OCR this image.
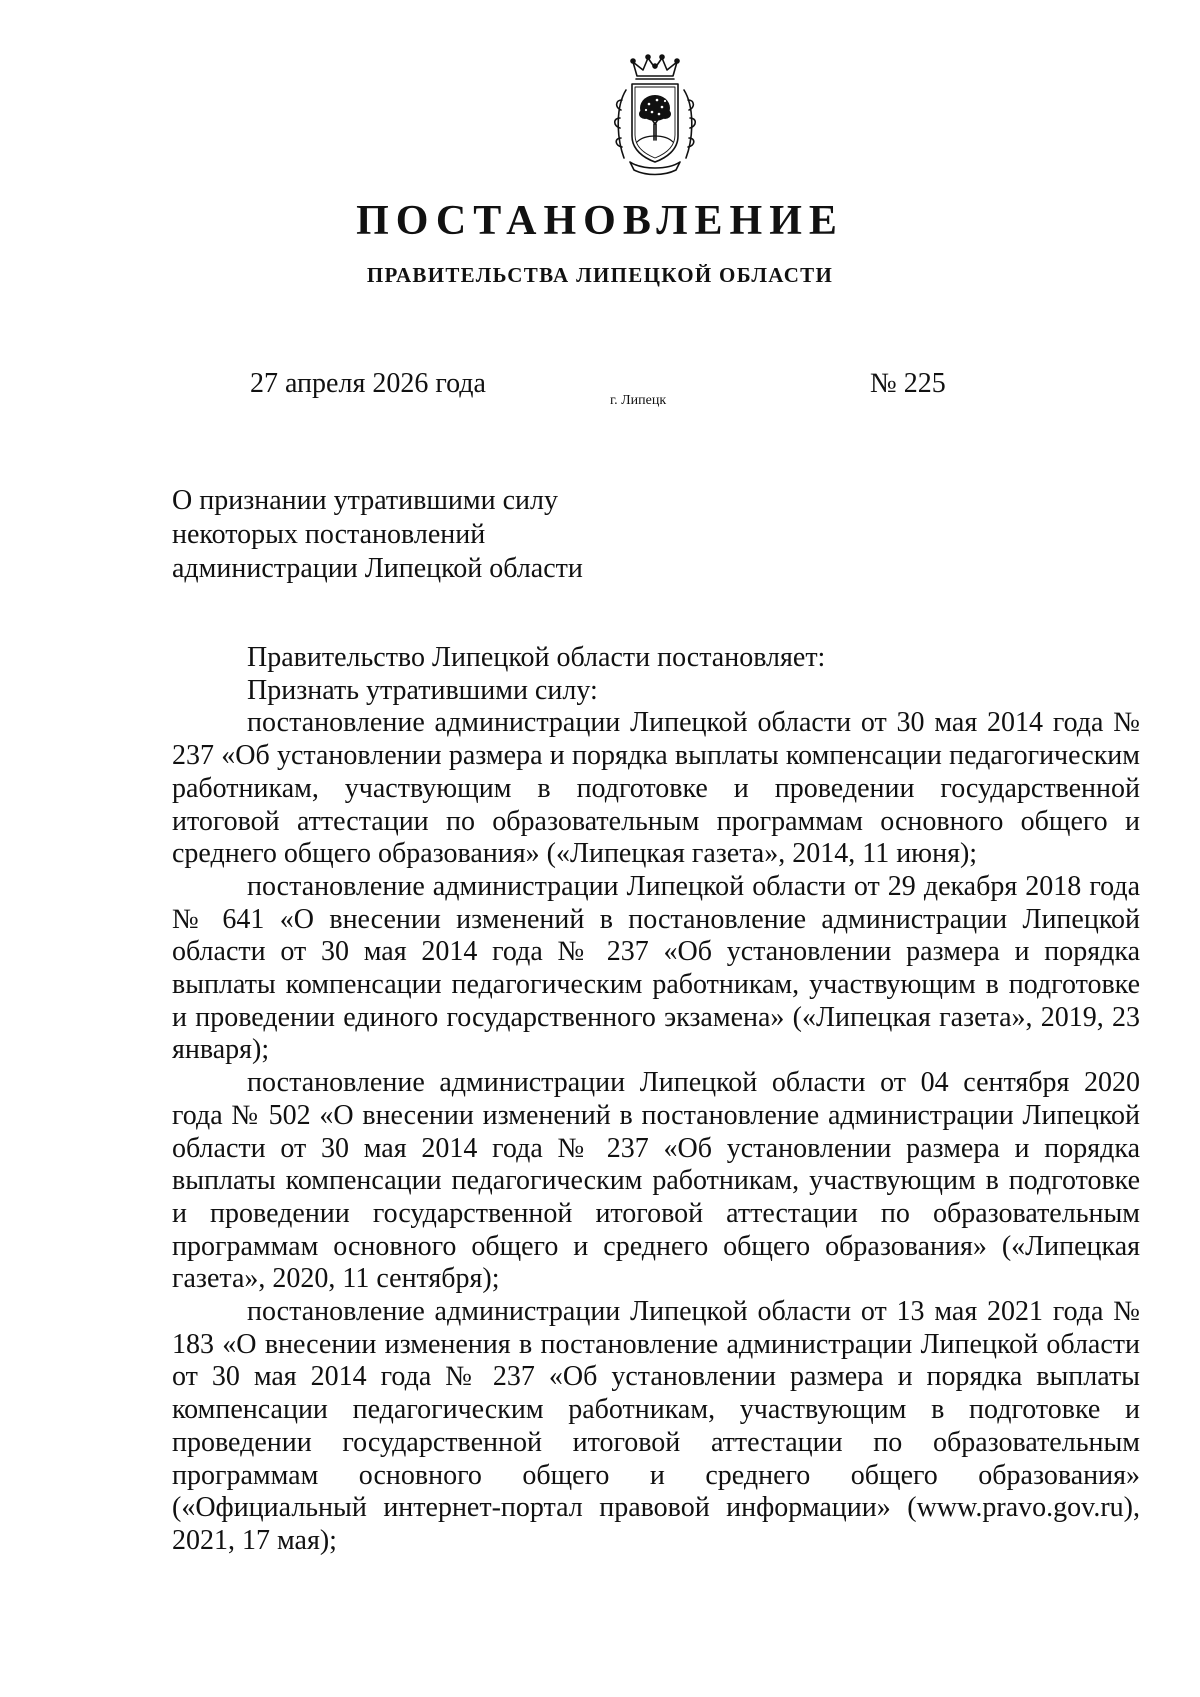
ПОСТАНОВЛЕНИЕ
ПРАВИТЕЛЬСТВА ЛИПЕЦКОЙ ОБЛАСТИ
27 апреля 2026 года
г. Липецк
№ 225
О признании утратившими силу
некоторых постановлений
администрации Липецкой области

Правительство Липецкой области постановляет:

Признать утратившими силу:

постановление администрации Липецкой области от 30 мая 2014 года № 237 «Об установлении размера и порядка выплаты компенсации педагогическим работникам, участвующим в подготовке и проведении государственной итоговой аттестации по образовательным программам основного общего и среднего общего образования» («Липецкая газета», 2014, 11 июня);

постановление администрации Липецкой области от 29 декабря 2018 года № 641 «О внесении изменений в постановление администрации Липецкой области от 30 мая 2014 года № 237 «Об установлении размера и порядка выплаты компенсации педагогическим работникам, участвующим в подготовке и проведении единого государственного экзамена» («Липецкая газета», 2019, 23 января);

постановление администрации Липецкой области от 04 сентября 2020 года № 502 «О внесении изменений в постановление администрации Липецкой области от 30 мая 2014 года № 237 «Об установлении размера и порядка выплаты компенсации педагогическим работникам, участвующим в подготовке и проведении государственной итоговой аттестации по образовательным программам основного общего и среднего общего образования» («Липецкая газета», 2020, 11 сентября);

постановление администрации Липецкой области от 13 мая 2021 года № 183 «О внесении изменения в постановление администрации Липецкой области от 30 мая 2014 года № 237 «Об установлении размера и порядка выплаты компенсации педагогическим работникам, участвующим в подготовке и проведении государственной итоговой аттестации по образовательным программам основного общего и среднего общего образования» («Официальный интернет-портал правовой информации» (www.pravo.gov.ru), 2021, 17 мая);
